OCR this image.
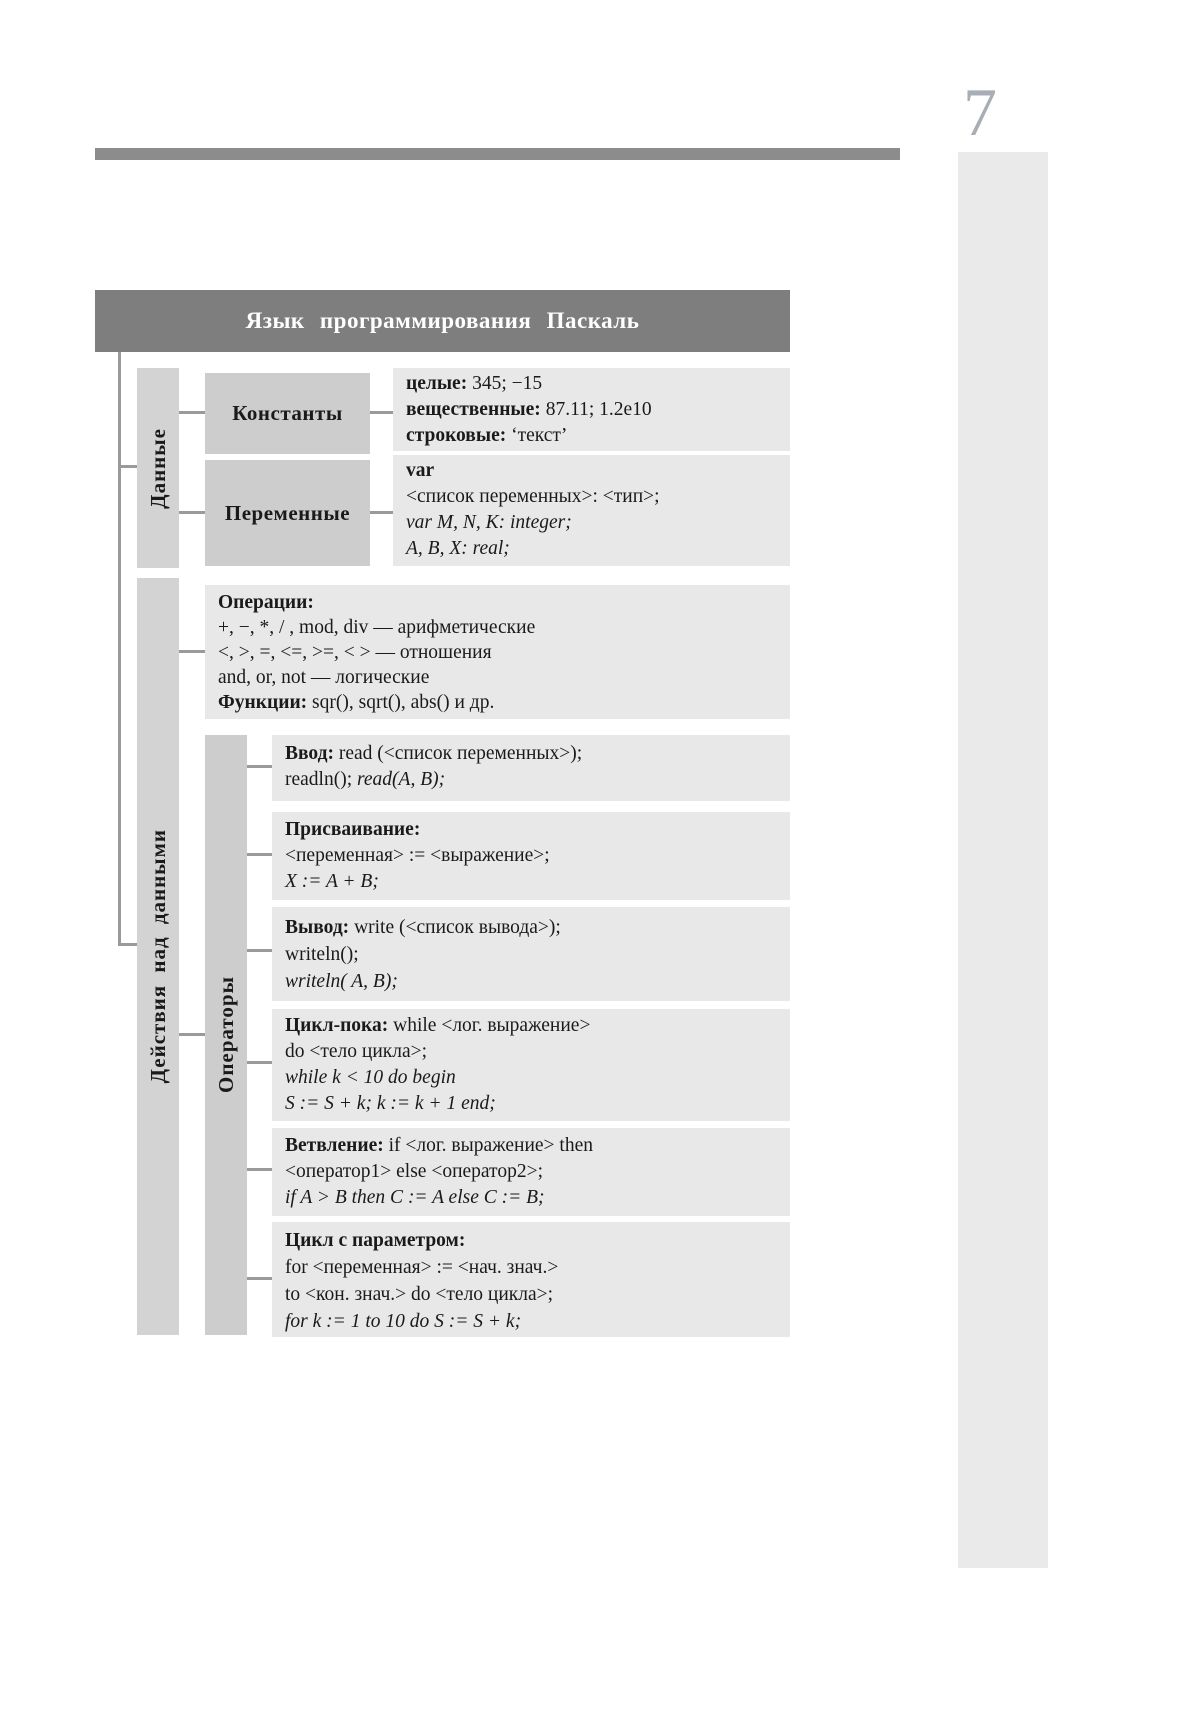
7
Язык программирования Паскаль
Данные
Действия над данными Операторы
Константы
Переменные
целые: 345; −15
вещественные: 87.11; 1.2e10
строковые: ‘текст’
var
<список переменных>: <тип>;
var M, N, K: integer;
A, B, X: real;
Операции:
+, −, *, / , mod, div — арифметические
<, >, =, <=, >=, < > — отношения
and, or, not — логические
Функции: sqr(), sqrt(), abs() и др.
Ввод: read (<список переменных>);
readln(); read(A, B);
Присваивание:
<переменная> := <выражение>;
X := A + B;
Вывод: write (<список вывода>);
writeln();
writeln( A, B);
Цикл-пока: while <лог. выражение>
do <тело цикла>;
while k < 10 do begin
S := S + k; k := k + 1 end;
Ветвление: if <лог. выражение> then
<оператор1> else <оператор2>;
if A > B then C := A else C := B;
Цикл с параметром:
for <переменная> := <нач. знач.>
to <кон. знач.> do <тело цикла>;
for k := 1 to 10 do S := S + k;
